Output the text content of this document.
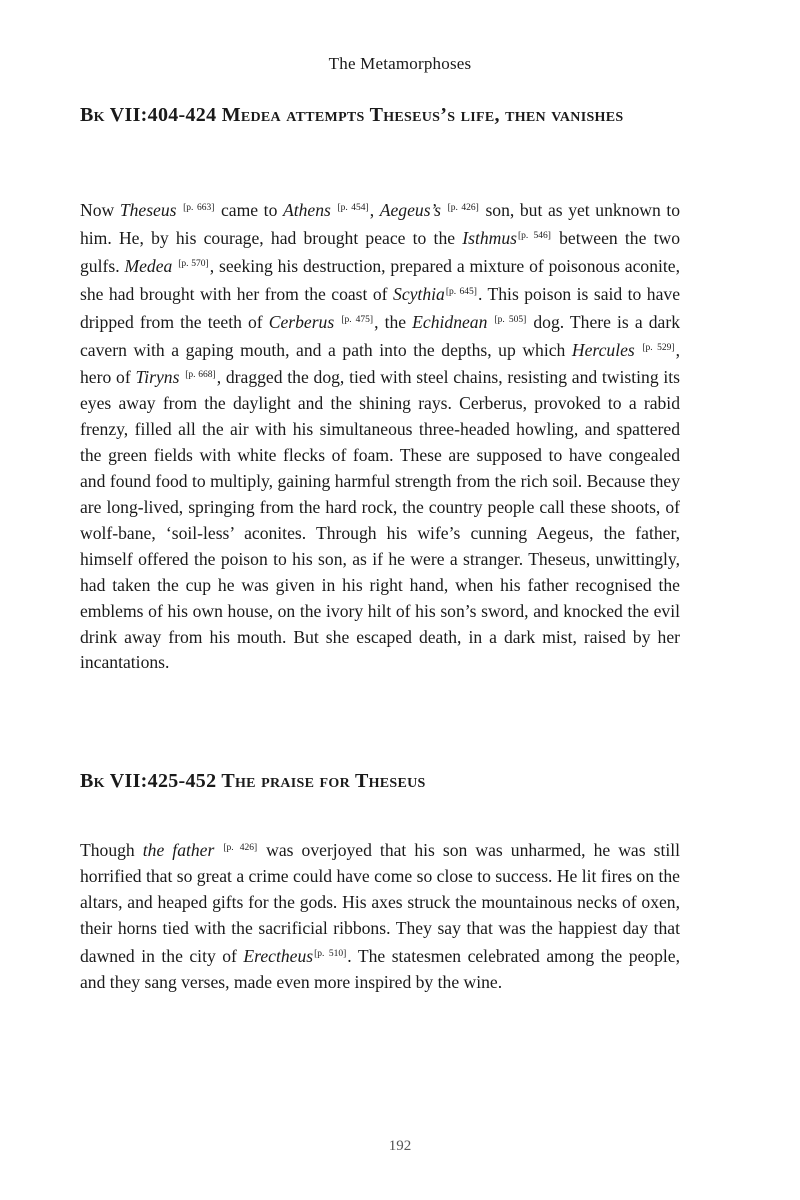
The Metamorphoses
Bk VII:404-424 Medea attempts Theseus’s life, then vanishes

Now Theseus [p. 663] came to Athens [p. 454], Aegeus’s [p. 426] son, but as yet unknown to him. He, by his courage, had brought peace to the Isthmus[p. 546] between the two gulfs. Medea [p. 570], seeking his destruction, prepared a mixture of poisonous aconite, she had brought with her from the coast of Scythia[p. 645]. This poison is said to have dripped from the teeth of Cerberus [p. 475], the Echidnean [p. 505] dog. There is a dark cavern with a gaping mouth, and a path into the depths, up which Hercules [p. 529], hero of Tiryns [p. 668], dragged the dog, tied with steel chains, resisting and twisting its eyes away from the daylight and the shining rays. Cerberus, provoked to a rabid frenzy, filled all the air with his simultaneous three-headed howling, and spattered the green fields with white flecks of foam. These are supposed to have congealed and found food to multiply, gaining harmful strength from the rich soil. Because they are long-lived, springing from the hard rock, the country people call these shoots, of wolf-bane, ‘soil-less’ aconites. Through his wife’s cunning Aegeus, the father, himself offered the poison to his son, as if he were a stranger. Theseus, unwittingly, had taken the cup he was given in his right hand, when his father recognised the emblems of his own house, on the ivory hilt of his son’s sword, and knocked the evil drink away from his mouth. But she escaped death, in a dark mist, raised by her incantations.

Bk VII:425-452 The praise for Theseus

Though the father [p. 426] was overjoyed that his son was unharmed, he was still horrified that so great a crime could have come so close to success. He lit fires on the altars, and heaped gifts for the gods. His axes struck the mountainous necks of oxen, their horns tied with the sacrificial ribbons. They say that was the happiest day that dawned in the city of Erectheus[p. 510]. The statesmen celebrated among the people, and they sang verses, made even more inspired by the wine.

192
